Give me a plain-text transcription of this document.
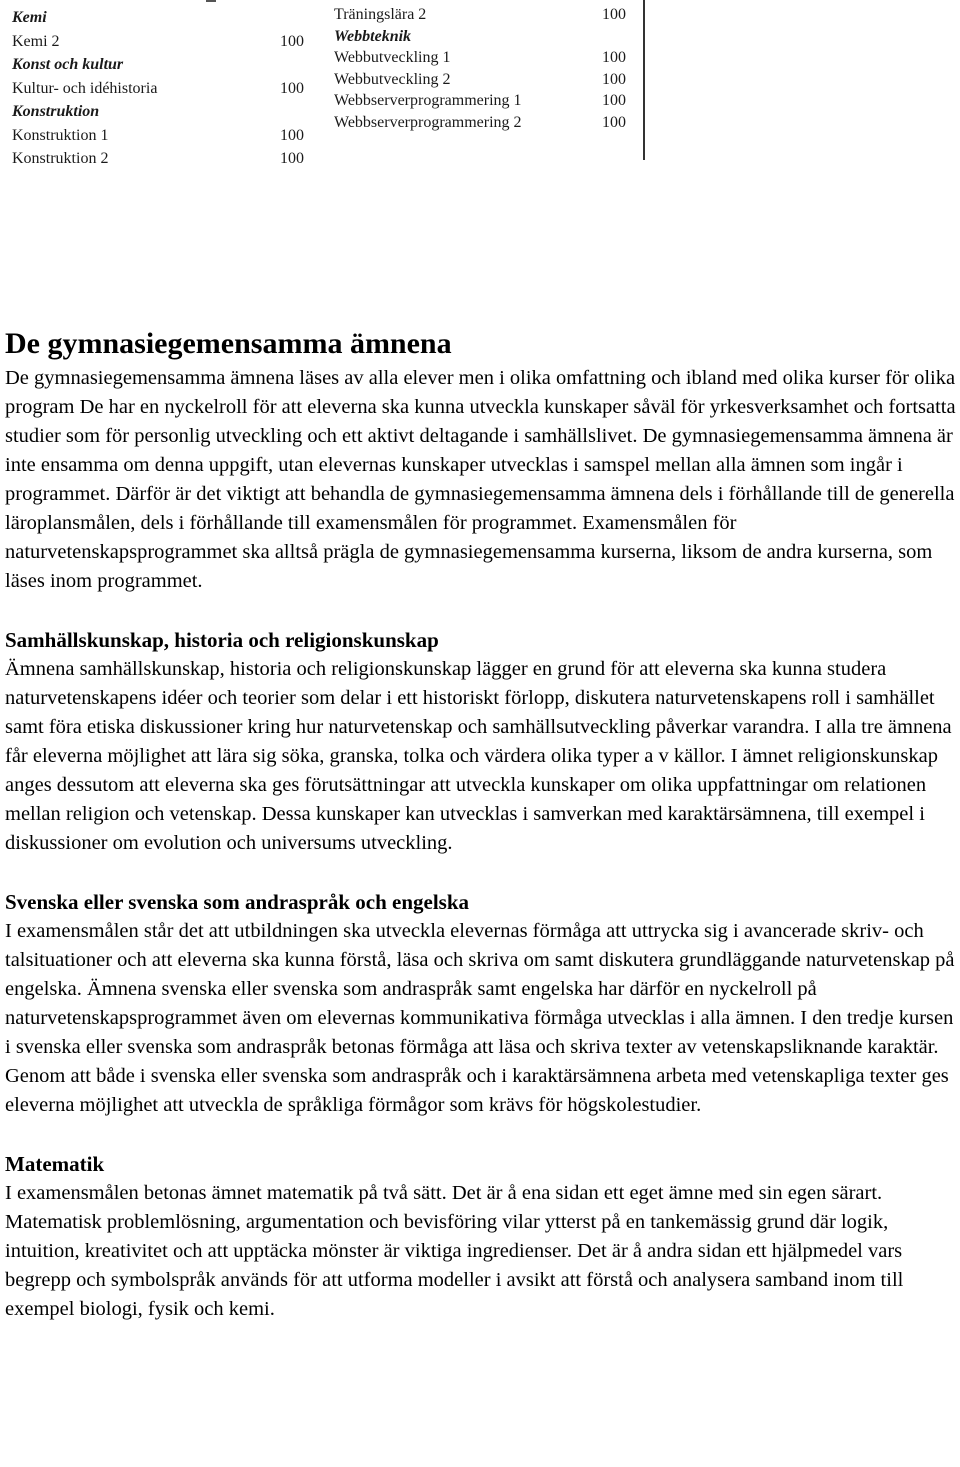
Kemi
Kemi 2	100
Konst och kultur
Kultur- och idéhistoria	100
Konstruktion
Konstruktion 1	100
Konstruktion 2	100
Träningslära 2	100
Webbteknik
Webbutveckling 1	100
Webbutveckling 2	100
Webbserverprogrammering 1	100
Webbserverprogrammering 2	100
De gymnasiegemensamma ämnena

De gymnasiegemensamma ämnena läses av alla elever men i olika omfattning och ibland med olika kurser för olika program De har en nyckelroll för att eleverna ska kunna utveckla kunskaper såväl för yrkesverksamhet och fortsatta studier som för personlig utveckling och ett aktivt deltagande i samhällslivet. De gymnasiegemensamma ämnena är inte ensamma om denna uppgift, utan elevernas kunskaper utvecklas i samspel mellan alla ämnen som ingår i programmet. Därför är det viktigt att behandla de gymnasiegemensamma ämnena dels i förhållande till de generella läroplansmålen, dels i förhållande till examensmålen för programmet. Examensmålen för naturvetenskapsprogrammet ska alltså prägla de gymnasiegemensamma kurserna, liksom de andra kurserna, som läses inom programmet.

Samhällskunskap, historia och religionskunskap

Ämnena samhällskunskap, historia och religionskunskap lägger en grund för att eleverna ska kunna studera naturvetenskapens idéer och teorier som delar i ett historiskt förlopp, diskutera naturvetenskapens roll i samhället samt föra etiska diskussioner kring hur naturvetenskap och samhällsutveckling påverkar varandra. I alla tre ämnena får eleverna möjlighet att lära sig söka, granska, tolka och värdera olika typer a v källor. I ämnet religionskunskap anges dessutom att eleverna ska ges förutsättningar att utveckla kunskaper om olika uppfattningar om relationen mellan religion och vetenskap. Dessa kunskaper kan utvecklas i samverkan med karaktärsämnena, till exempel i diskussioner om evolution och universums utveckling.

Svenska eller svenska som andraspråk och engelska

I examensmålen står det att utbildningen ska utveckla elevernas förmåga att uttrycka sig i avancerade skriv- och talsituationer och att eleverna ska kunna förstå, läsa och skriva om samt diskutera grundläggande naturvetenskap på engelska. Ämnena svenska eller svenska som andraspråk samt engelska har därför en nyckelroll på naturvetenskapsprogrammet även om elevernas kommunikativa förmåga utvecklas i alla ämnen. I den tredje kursen i svenska eller svenska som andraspråk betonas förmåga att läsa och skriva texter av vetenskapsliknande karaktär. Genom att både i svenska eller svenska som andraspråk och i karaktärsämnena arbeta med vetenskapliga texter ges eleverna möjlighet att utveckla de språkliga förmågor som krävs för högskolestudier.

Matematik

I examensmålen betonas ämnet matematik på två sätt. Det är å ena sidan ett eget ämne med sin egen särart. Matematisk problemlösning, argumentation och bevisföring vilar ytterst på en tankemässig grund där logik, intuition, kreativitet och att upptäcka mönster är viktiga ingredienser. Det är å andra sidan ett hjälpmedel vars begrepp och symbolspråk används för att utforma modeller i avsikt att förstå och analysera samband inom till exempel biologi, fysik och kemi.
